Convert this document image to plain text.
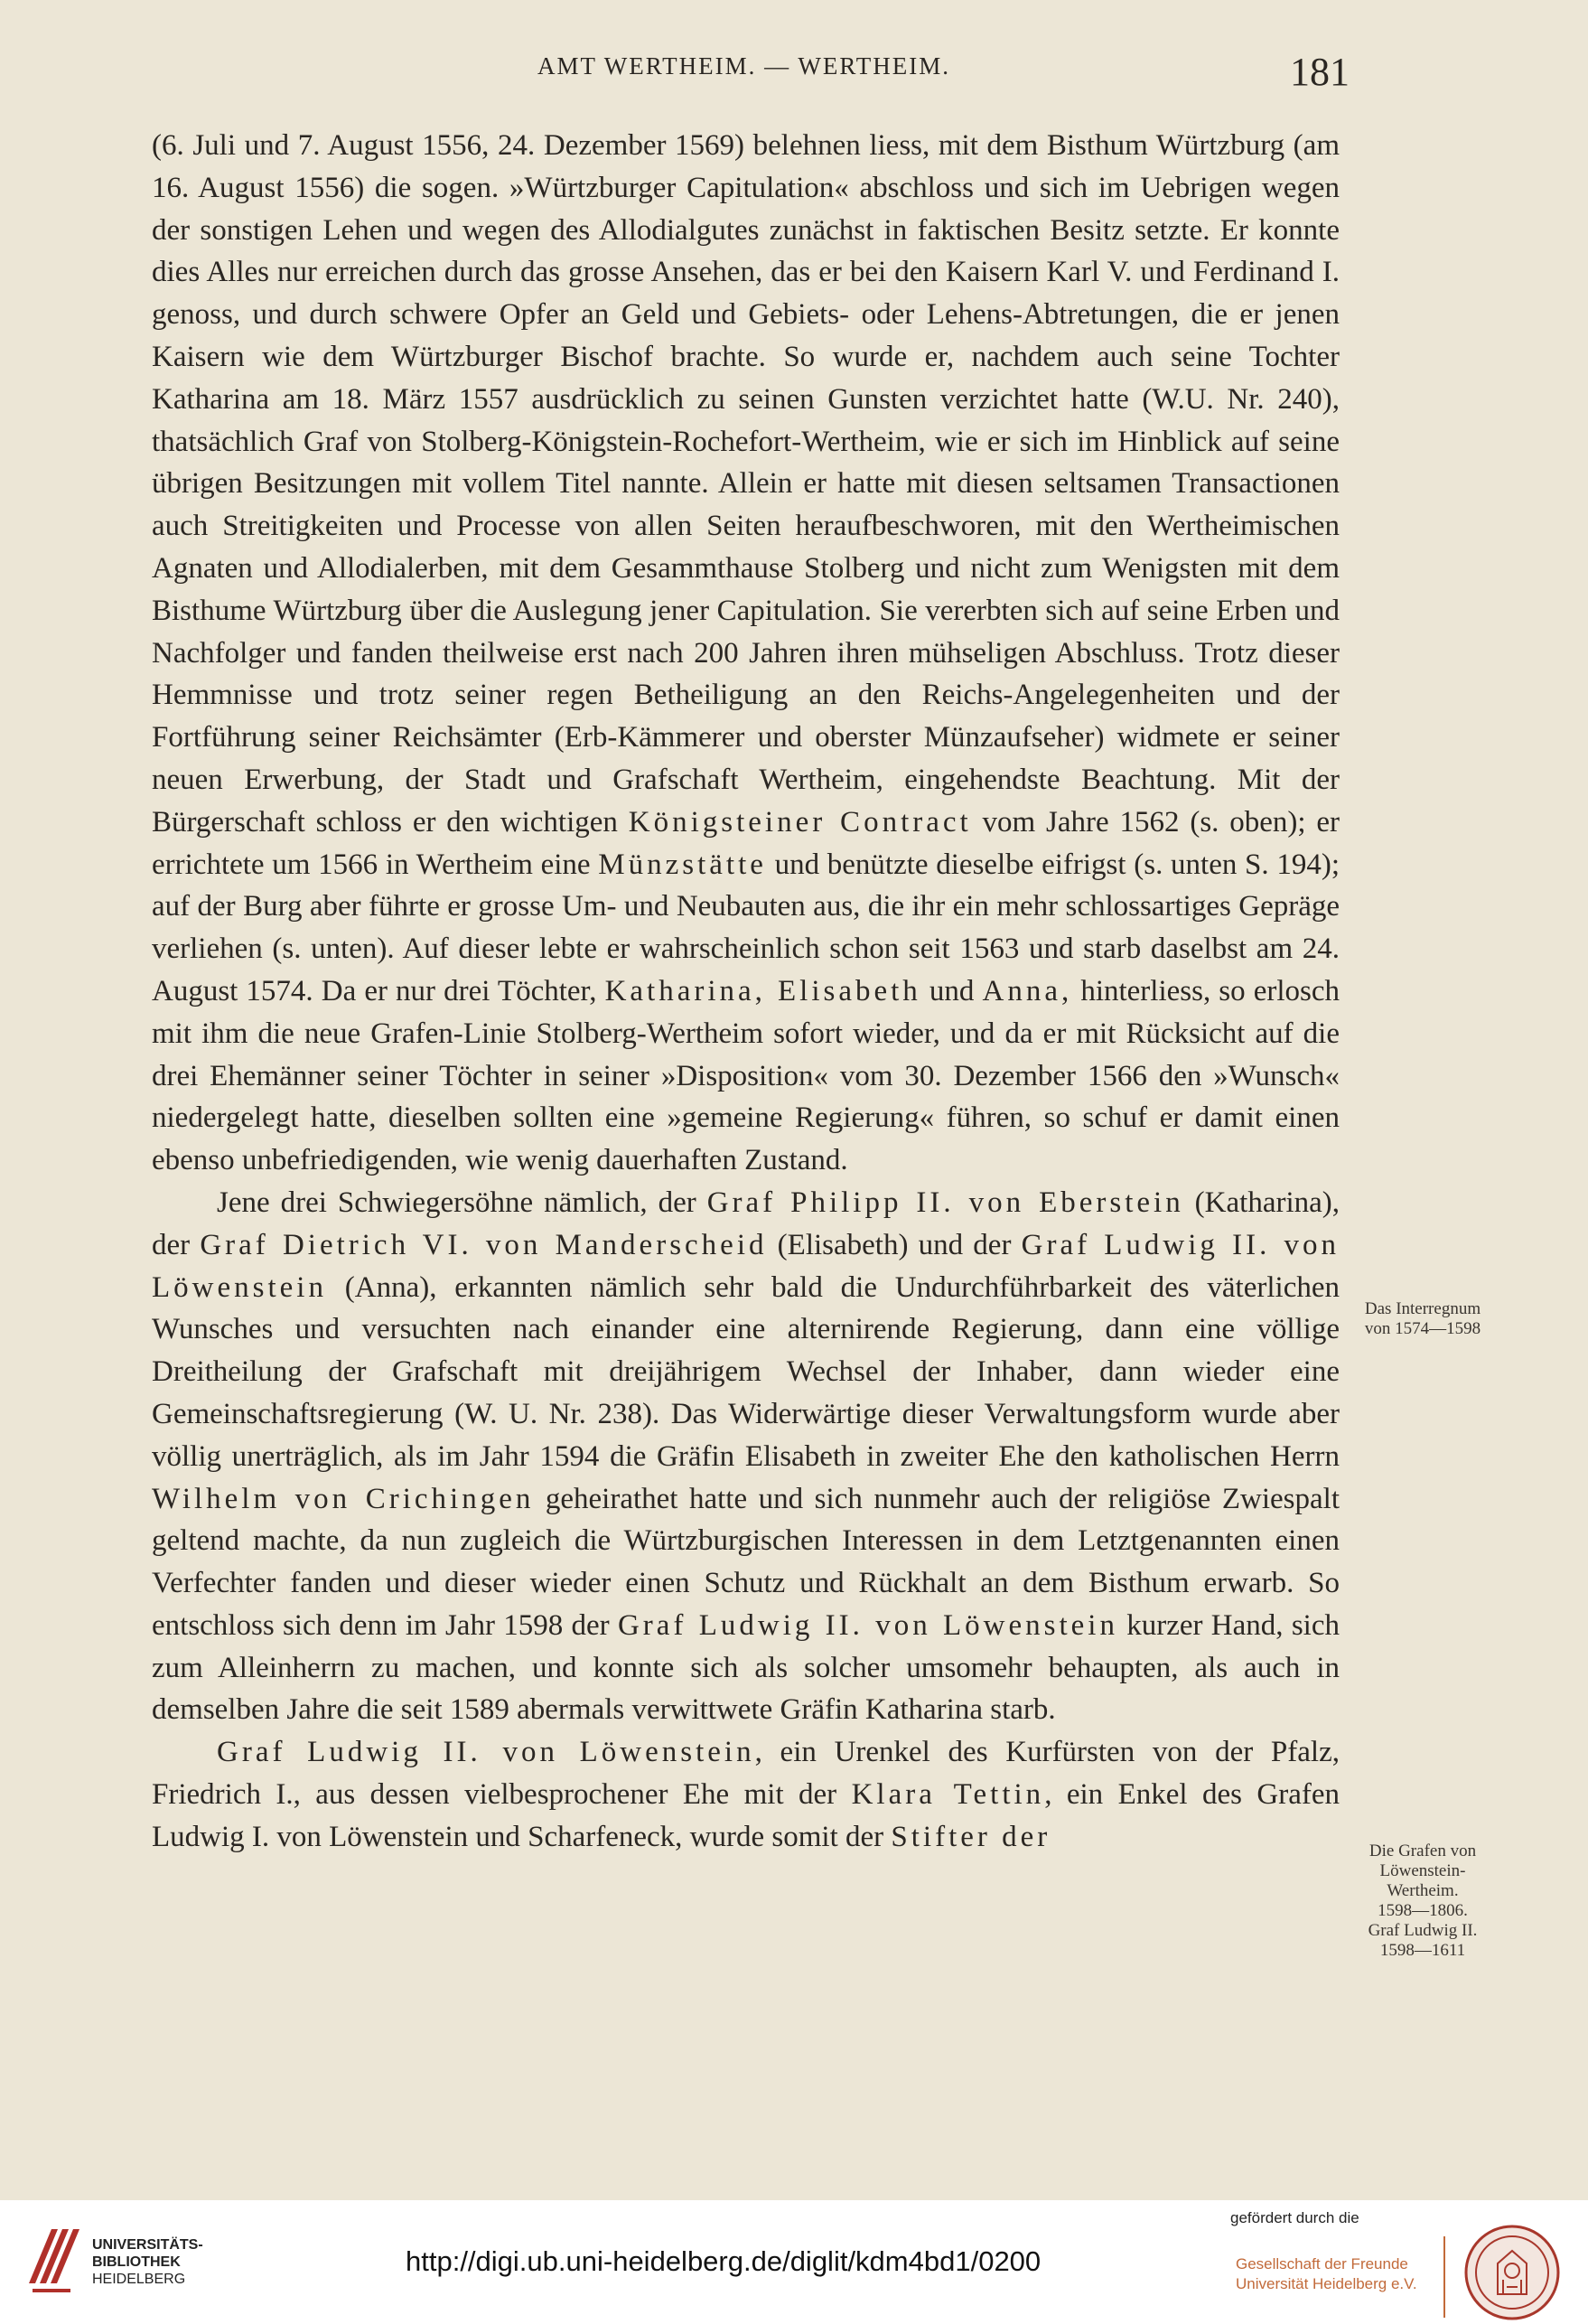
AMT WERTHEIM. — WERTHEIM.	181

(6. Juli und 7. August 1556, 24. Dezember 1569) belehnen liess, mit dem Bisthum Würtzburg (am 16. August 1556) die sogen. »Würtzburger Capitulation« abschloss und sich im Uebrigen wegen der sonstigen Lehen und wegen des Allodialgutes zunächst in faktischen Besitz setzte. Er konnte dies Alles nur erreichen durch das grosse Ansehen, das er bei den Kaisern Karl V. und Ferdinand I. genoss, und durch schwere Opfer an Geld und Gebiets- oder Lehens-Abtretungen, die er jenen Kaisern wie dem Würtzburger Bischof brachte. So wurde er, nachdem auch seine Tochter Katharina am 18. März 1557 ausdrücklich zu seinen Gunsten verzichtet hatte (W.U. Nr. 240), thatsächlich Graf von Stolberg-Königstein-Rochefort-Wertheim, wie er sich im Hinblick auf seine übrigen Besitzungen mit vollem Titel nannte. Allein er hatte mit diesen seltsamen Transactionen auch Streitigkeiten und Processe von allen Seiten heraufbeschworen, mit den Wertheimischen Agnaten und Allodialerben, mit dem Gesammthause Stolberg und nicht zum Wenigsten mit dem Bisthume Würtzburg über die Auslegung jener Capitulation. Sie vererbten sich auf seine Erben und Nachfolger und fanden theilweise erst nach 200 Jahren ihren mühseligen Abschluss. Trotz dieser Hemmnisse und trotz seiner regen Betheiligung an den Reichs-Angelegenheiten und der Fortführung seiner Reichsämter (Erb-Kämmerer und oberster Münzaufseher) widmete er seiner neuen Erwerbung, der Stadt und Grafschaft Wertheim, eingehendste Beachtung. Mit der Bürgerschaft schloss er den wichtigen Königsteiner Contract vom Jahre 1562 (s. oben); er errichtete um 1566 in Wertheim eine Münzstätte und benützte dieselbe eifrigst (s. unten S. 194); auf der Burg aber führte er grosse Um- und Neubauten aus, die ihr ein mehr schlossartiges Gepräge verliehen (s. unten). Auf dieser lebte er wahrscheinlich schon seit 1563 und starb daselbst am 24. August 1574. Da er nur drei Töchter, Katharina, Elisabeth und Anna, hinterliess, so erlosch mit ihm die neue Grafen-Linie Stolberg-Wertheim sofort wieder, und da er mit Rücksicht auf die drei Ehemänner seiner Töchter in seiner »Disposition« vom 30. Dezember 1566 den »Wunsch« niedergelegt hatte, dieselben sollten eine »gemeine Regierung« führen, so schuf er damit einen ebenso unbefriedigenden, wie wenig dauerhaften Zustand.

Jene drei Schwiegersöhne nämlich, der Graf Philipp II. von Eberstein (Katharina), der Graf Dietrich VI. von Manderscheid (Elisabeth) und der Graf Ludwig II. von Löwenstein (Anna), erkannten nämlich sehr bald die Undurchführbarkeit des väterlichen Wunsches und versuchten nach einander eine alternirende Regierung, dann eine völlige Dreitheilung der Grafschaft mit dreijährigem Wechsel der Inhaber, dann wieder eine Gemeinschaftsregierung (W. U. Nr. 238). Das Widerwärtige dieser Verwaltungsform wurde aber völlig unerträglich, als im Jahr 1594 die Gräfin Elisabeth in zweiter Ehe den katholischen Herrn Wilhelm von Crichingen geheirathet hatte und sich nunmehr auch der religiöse Zwiespalt geltend machte, da nun zugleich die Würtzburgischen Interessen in dem Letztgenannten einen Verfechter fanden und dieser wieder einen Schutz und Rückhalt an dem Bisthum erwarb. So entschloss sich denn im Jahr 1598 der Graf Ludwig II. von Löwenstein kurzer Hand, sich zum Alleinherrn zu machen, und konnte sich als solcher umsomehr behaupten, als auch in demselben Jahre die seit 1589 abermals verwittwete Gräfin Katharina starb.

Graf Ludwig II. von Löwenstein, ein Urenkel des Kurfürsten von der Pfalz, Friedrich I., aus dessen vielbesprochener Ehe mit der Klara Tettin, ein Enkel des Grafen Ludwig I. von Löwenstein und Scharfeneck, wurde somit der Stifter der

Das Interregnum
von 1574—1598
Die Grafen von
Löwenstein-
Wertheim.
1598—1806.
Graf Ludwig II.
1598—1611
UNIVERSITÄTS-
BIBLIOTHEK
HEIDELBERG
http://digi.ub.uni-heidelberg.de/diglit/kdm4bd1/0200
gefördert durch die
Gesellschaft der Freunde
Universität Heidelberg e.V.
